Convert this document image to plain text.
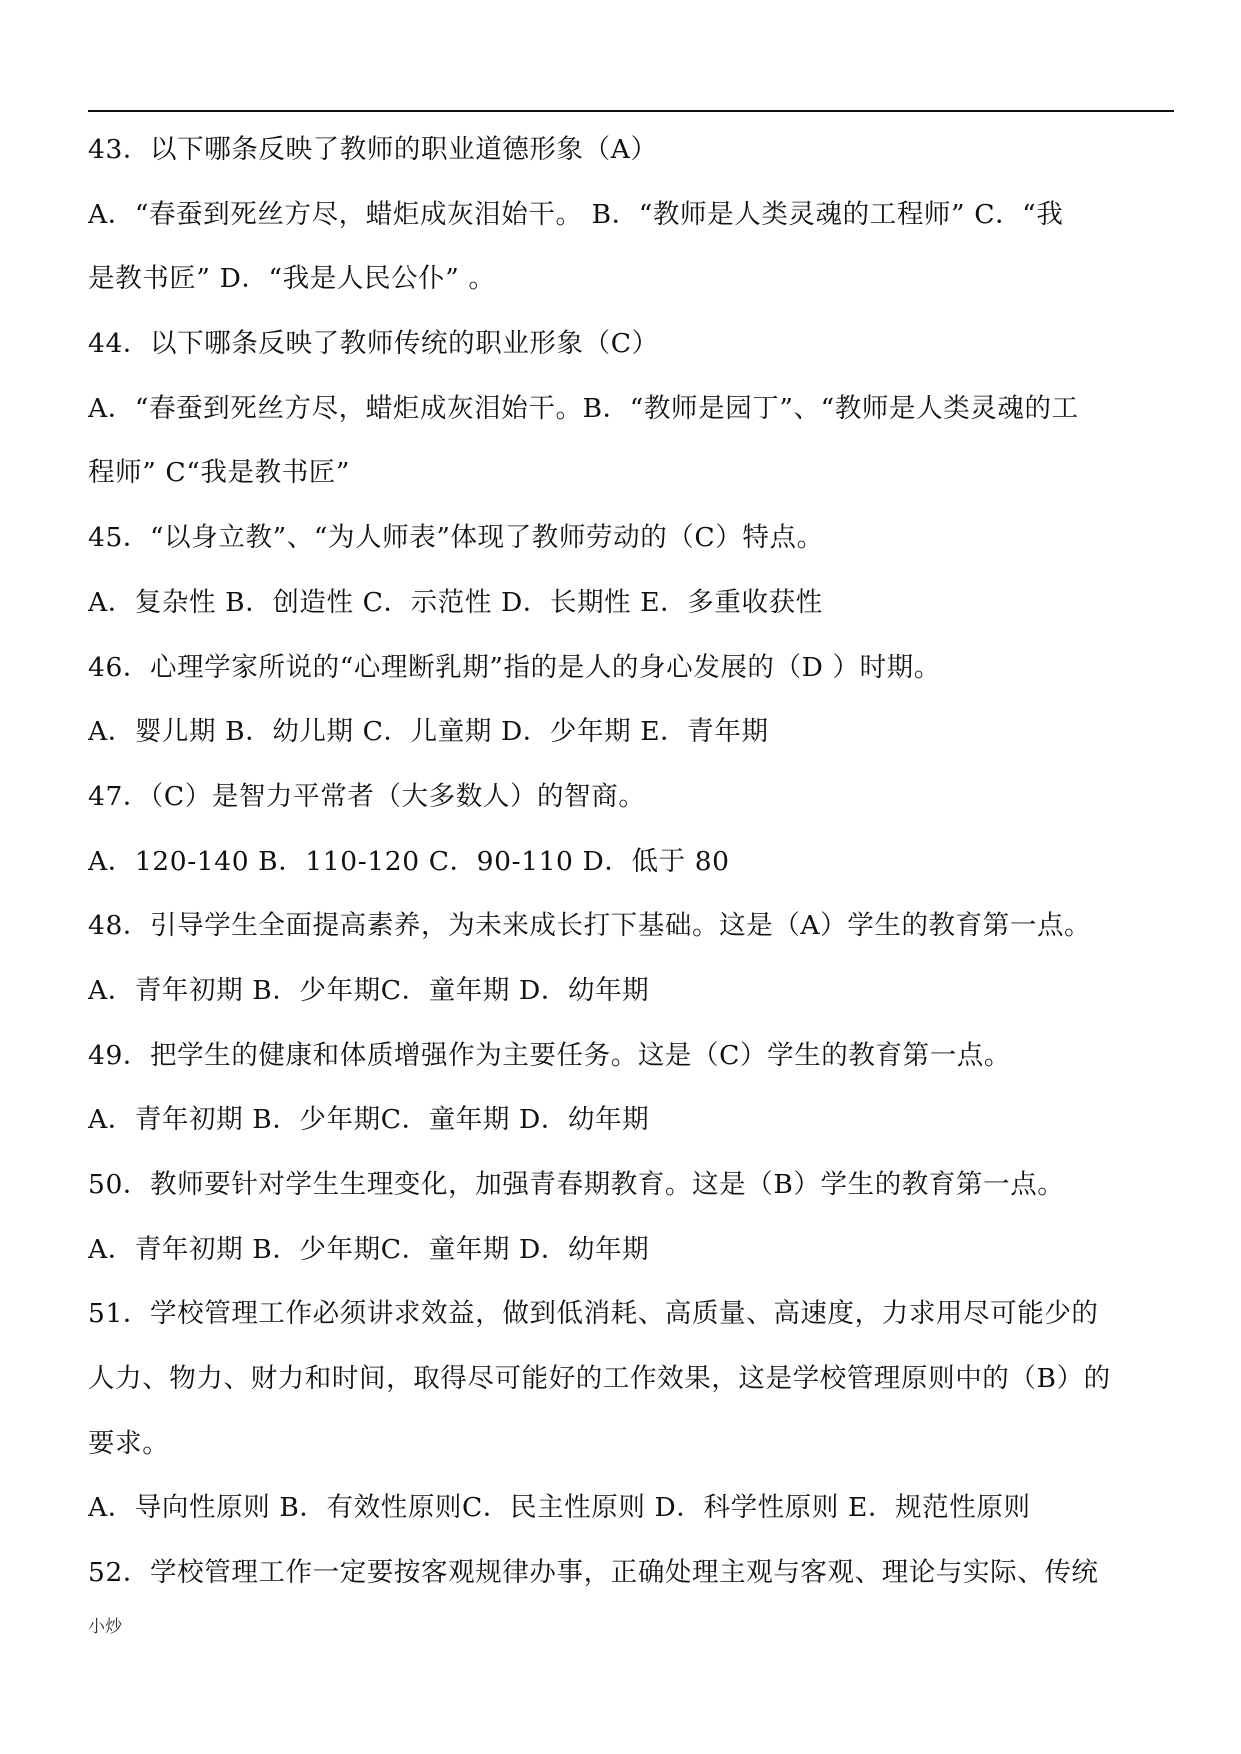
43．以下哪条反映了教师的职业道德形象（A）
A．“春蚕到死丝方尽，蜡炬成灰泪始干。 B．“教师是人类灵魂的工程师” C．“我
是教书匠” D．“我是人民公仆” 。
44．以下哪条反映了教师传统的职业形象（C）
A．“春蚕到死丝方尽，蜡炬成灰泪始干。B．“教师是园丁”、“教师是人类灵魂的工
程师” C“我是教书匠”
45．“以身立教”、“为人师表”体现了教师劳动的（C）特点。
A．复杂性 B．创造性 C．示范性 D．长期性 E．多重收获性
46．心理学家所说的“心理断乳期”指的是人的身心发展的（D ）时期。
A．婴儿期 B．幼儿期 C．儿童期 D．少年期 E．青年期
47．（C）是智力平常者（大多数人）的智商。
A．120-140 B．110-120 C．90-110 D．低于 80
48．引导学生全面提高素养，为未来成长打下基础。这是（A）学生的教育第一点。
A．青年初期 B．少年期C．童年期 D．幼年期
49．把学生的健康和体质增强作为主要任务。这是（C）学生的教育第一点。
A．青年初期 B．少年期C．童年期 D．幼年期
50．教师要针对学生生理变化，加强青春期教育。这是（B）学生的教育第一点。
A．青年初期 B．少年期C．童年期 D．幼年期
51．学校管理工作必须讲求效益，做到低消耗、高质量、高速度，力求用尽可能少的
人力、物力、财力和时间，取得尽可能好的工作效果，这是学校管理原则中的（B）的
要求。
A．导向性原则 B．有效性原则C．民主性原则 D．科学性原则 E．规范性原则
52．学校管理工作一定要按客观规律办事，正确处理主观与客观、理论与实际、传统
小炒
